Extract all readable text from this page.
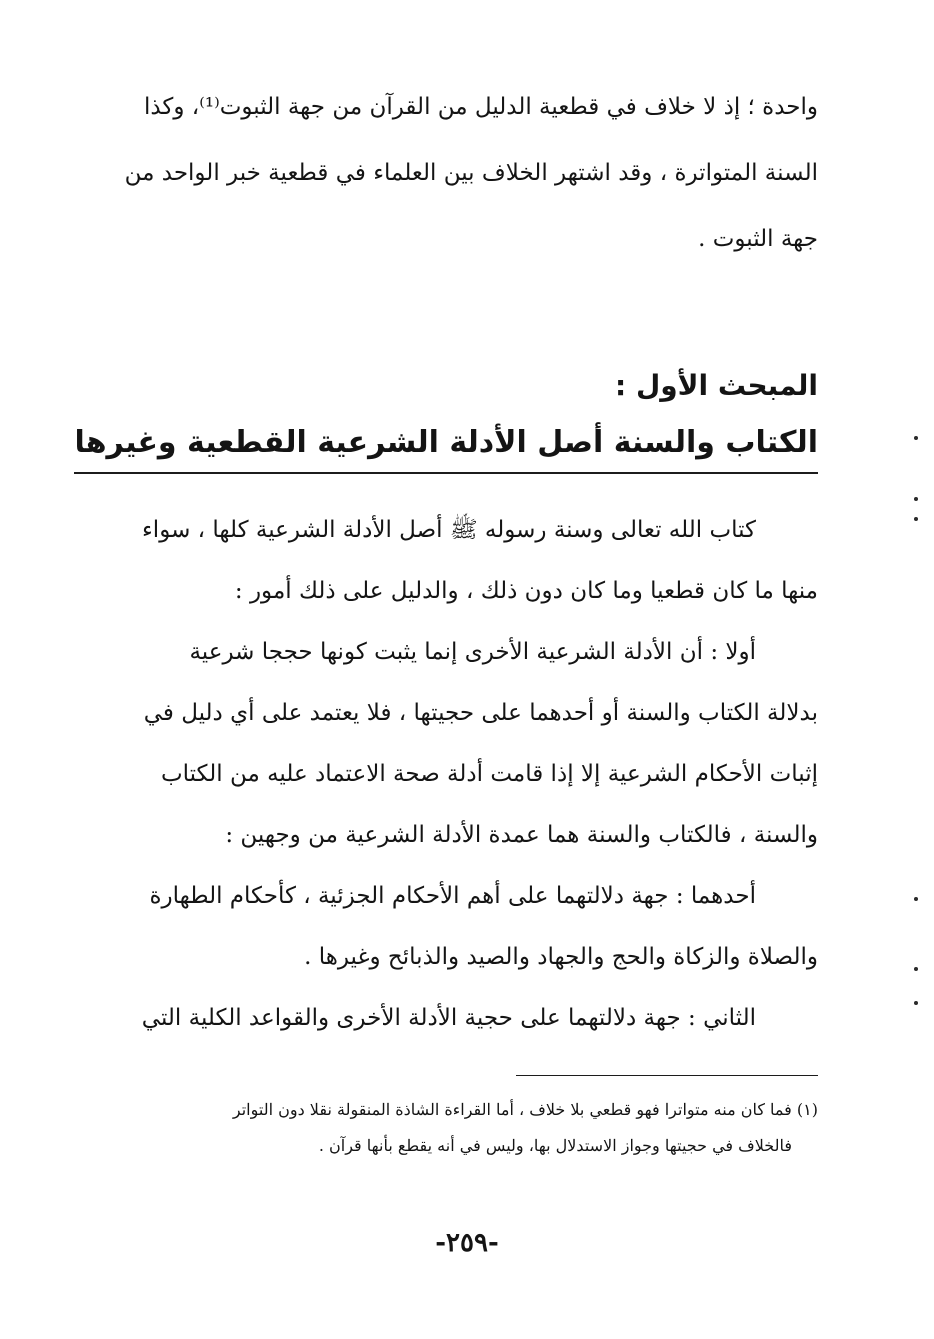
واحدة ؛ إذ لا خلاف في قطعية الدليل من القرآن من جهة الثبوت⁽¹⁾، وكذا
السنة المتواترة ، وقد اشتهر الخلاف بين العلماء في قطعية خبر الواحد من
جهة الثبوت .
المبحث الأول :
الكتاب والسنة أصل الأدلة الشرعية القطعية وغيرها
كتاب الله تعالى وسنة رسوله ﷺ أصل الأدلة الشرعية كلها ، سواء
منها ما كان قطعيا وما كان دون ذلك ، والدليل على ذلك أمور :
أولا : أن الأدلة الشرعية الأخرى إنما يثبت كونها حججا شرعية
بدلالة الكتاب والسنة أو أحدهما على حجيتها ، فلا يعتمد على أي دليل في
إثبات الأحكام الشرعية إلا إذا قامت أدلة صحة الاعتماد عليه من الكتاب
والسنة ، فالكتاب والسنة هما عمدة الأدلة الشرعية من وجهين :
أحدهما : جهة دلالتهما على أهم الأحكام الجزئية ، كأحكام الطهارة
والصلاة والزكاة والحج والجهاد والصيد والذبائح وغيرها .
الثاني : جهة دلالتهما على حجية الأدلة الأخرى والقواعد الكلية التي
(١) فما كان منه متواترا فهو قطعي بلا خلاف ، أما القراءة الشاذة المنقولة نقلا دون التواتر
فالخلاف في حجيتها وجواز الاستدلال بها، وليس في أنه يقطع بأنها قرآن .
-٢٥٩-
